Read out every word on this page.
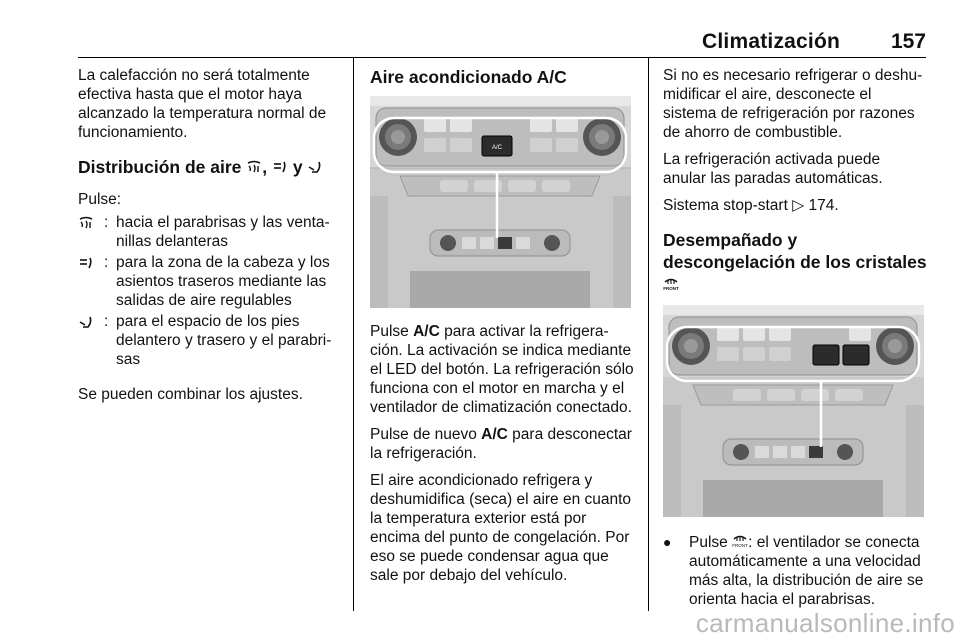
Climatización	157

La calefacción no será totalmente efectiva hasta que el motor haya alcanzado la temperatura normal de funcionamiento.

Distribución de aire , y

Pulse:

: hacia el parabrisas y las ventanillas delanteras
: para la zona de la cabeza y los asientos traseros mediante las salidas de aire regulables
: para el espacio de los pies delantero y trasero y el parabrisas

Se pueden combinar los ajustes.

Aire acondicionado A/C
A/C

Pulse A/C para activar la refrigeración. La activación se indica mediante el LED del botón. La refrigeración sólo funciona con el motor en marcha y el ventilador de climatización conectado.

Pulse de nuevo A/C para desconectar la refrigeración.

El aire acondicionado refrigera y deshumidifica (seca) el aire en cuanto la temperatura exterior está por encima del punto de congelación. Por eso se puede condensar agua que sale por debajo del vehículo.

Si no es necesario refrigerar o deshumidificar el aire, desconecte el sistema de refrigeración por razones de ahorro de combustible.

La refrigeración activada puede anular las paradas automáticas.

Sistema stop-start ▷ 174.

Desempañado y descongelación de los cristales
FRONT
●	Pulse FRONT : el ventilador se conecta automáticamente a una velocidad más alta, la distribución de aire se orienta hacia el parabrisas.
carmanualsonline.info
